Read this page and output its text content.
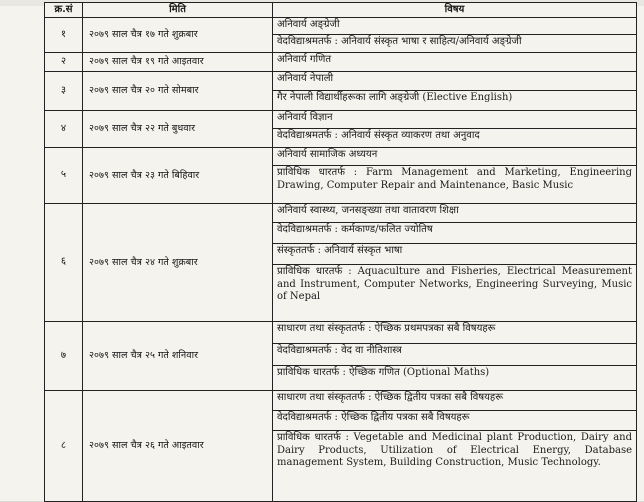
क्र.सं	मिति	विषय
१	२०७९ साल चैत्र १७ गते शुक्रबार	अनिवार्य अङ्ग्रेजी
वेदविद्याश्रमतर्फ : अनिवार्य संस्कृत भाषा र साहित्य/अनिवार्य अङ्ग्रेजी

२	२०७९ साल चैत्र १९ गते आइतवार	अनिवार्य गणित

३	२०७९ साल चैत्र २० गते सोमबार	अनिवार्य नेपाली
गैर नेपाली विद्यार्थीहरूका लागि अङ्ग्रेजी (Elective English)

४	२०७९ साल चैत्र २२ गते बुधवार	अनिवार्य विज्ञान
वेदविद्याश्रमतर्फ : अनिवार्य संस्कृत व्याकरण तथा अनुवाद

५	२०७९ साल चैत्र २३ गते बिहिवार	अनिवार्य सामाजिक अध्ययन
प्राविधिक धारतर्फ : Farm Management and Marketing, Engineering Drawing, Computer Repair and Maintenance, Basic Music

६	२०७९ साल चैत्र २४ गते शुक्रबार	अनिवार्य स्वास्थ्य, जनसङ्ख्या तथा वातावरण शिक्षा
वेदविद्याश्रमतर्फ : कर्मकाण्ड/फलित ज्योतिष
संस्कृततर्फ : अनिवार्य संस्कृत भाषा
प्राविधिक धारतर्फ : Aquaculture and Fisheries, Electrical Measurement and Instrument, Computer Networks, Engineering Surveying, Music of Nepal

७	२०७९ साल चैत्र २५ गते शनिवार	साधारण तथा संस्कृततर्फ : ऐच्छिक प्रथमपत्रका सबै विषयहरू
वेदविद्याश्रमतर्फ : वेद वा नीतिशास्त्र
प्राविधिक धारतर्फ : ऐच्छिक गणित (Optional Maths)

८	२०७९ साल चैत्र २६ गते आइतवार	साधारण तथा संस्कृततर्फ : ऐच्छिक द्वितीय पत्रका सबै विषयहरू
वेदविद्याश्रमतर्फ : ऐच्छिक द्वितीय पत्रका सबै विषयहरू
प्राविधिक धारतर्फ : Vegetable and Medicinal plant Production, Dairy and Dairy Products, Utilization of Electrical Energy, Database management System, Building Construction, Music Technology.
